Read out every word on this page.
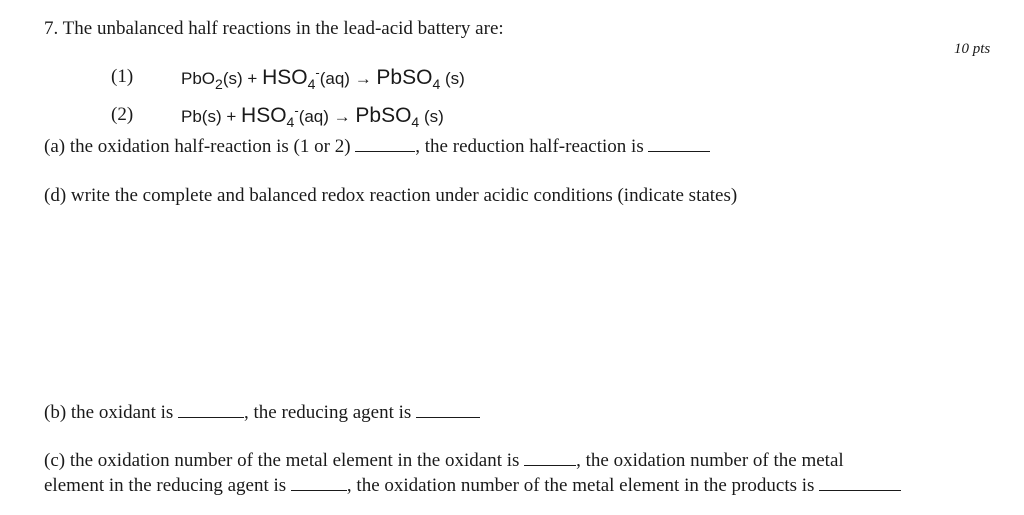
7. The unbalanced half reactions in the lead-acid battery are:
10 pts
(1)	$PbO_2(s) + HSO_4^-(aq)$ → PbSO$_4$ (s)
(2)	$Pb(s) + HSO_4^-(aq)$ → PbSO$_4$ (s)
(a) the oxidation half-reaction is (1 or 2)	, the reduction half-reaction is
(d) write the complete and balanced redox reaction under acidic conditions (indicate states)
(b) the oxidant is	, the reducing agent is
(c) the oxidation number of the metal element in the oxidant is	, the oxidation number of the metal
element in the reducing agent is	, the oxidation number of the metal element in the products is
